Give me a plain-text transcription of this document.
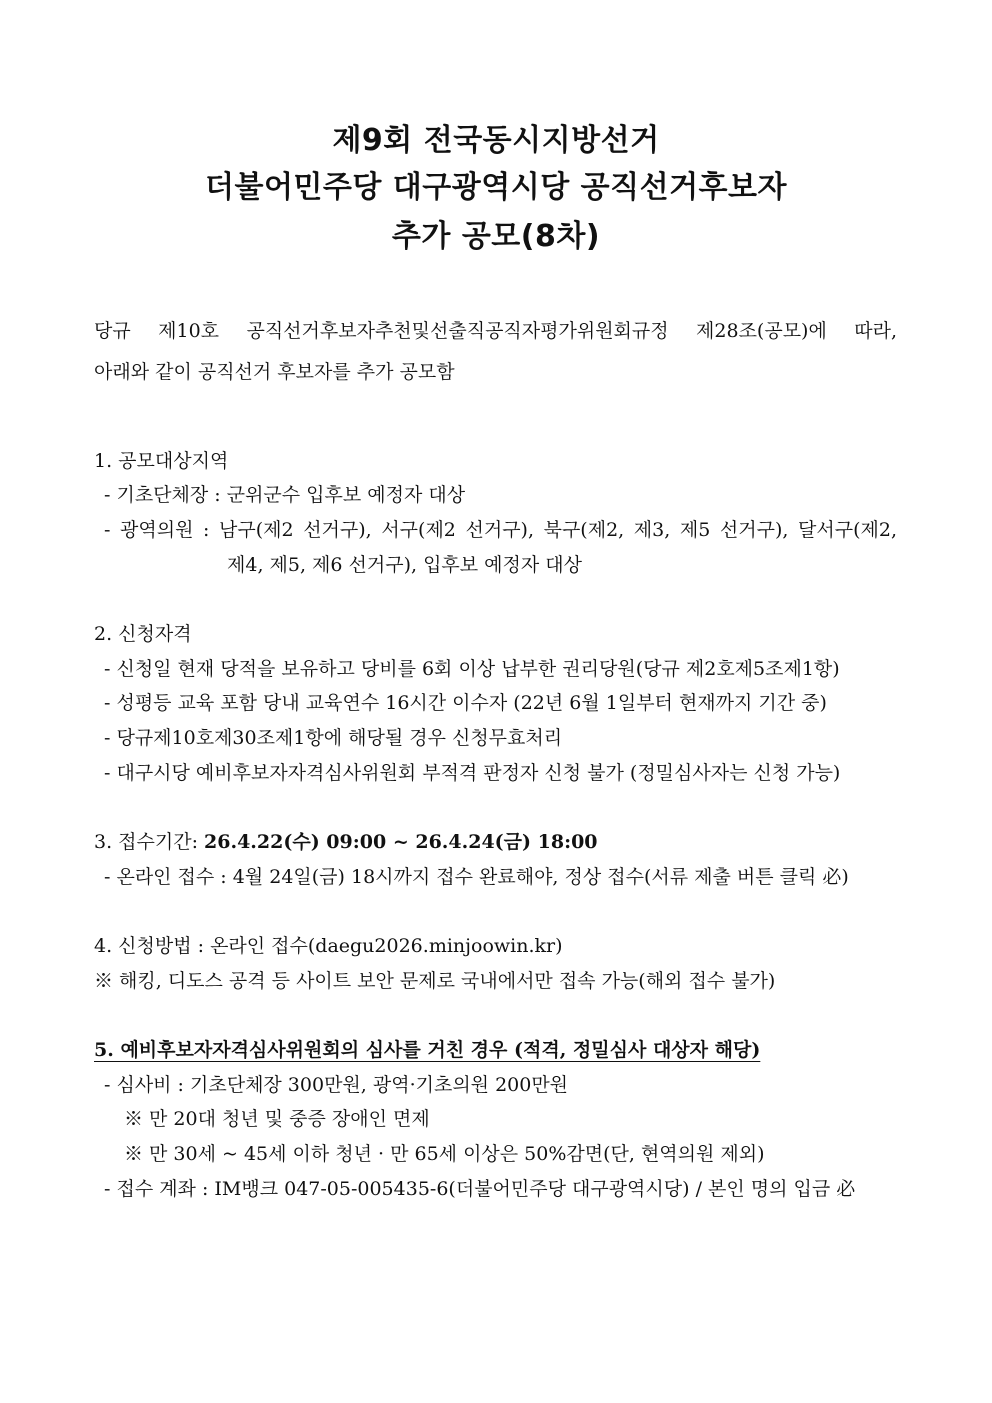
제9회 전국동시지방선거
더불어민주당 대구광역시당 공직선거후보자
추가 공모(8차)
당규 제10호 공직선거후보자추천및선출직공직자평가위원회규정 제28조(공모)에 따라,
아래와 같이 공직선거 후보자를 추가 공모함
1. 공모대상지역
- 기초단체장 : 군위군수 입후보 예정자 대상
- 광역의원 : 남구(제2 선거구), 서구(제2 선거구), 북구(제2, 제3, 제5 선거구), 달서구(제2,
제4, 제5, 제6 선거구), 입후보 예정자 대상
2. 신청자격
- 신청일 현재 당적을 보유하고 당비를 6회 이상 납부한 권리당원(당규 제2호제5조제1항)
- 성평등 교육 포함 당내 교육연수 16시간 이수자 (22년 6월 1일부터 현재까지 기간 중)
- 당규제10호제30조제1항에 해당될 경우 신청무효처리
- 대구시당 예비후보자자격심사위원회 부적격 판정자 신청 불가 (정밀심사자는 신청 가능)
3. 접수기간: 26.4.22(수) 09:00 ~ 26.4.24(금) 18:00
- 온라인 접수 : 4월 24일(금) 18시까지 접수 완료해야, 정상 접수(서류 제출 버튼 클릭 必)
4. 신청방법 : 온라인 접수(daegu2026.minjoowin.kr)
※ 해킹, 디도스 공격 등 사이트 보안 문제로 국내에서만 접속 가능(해외 접수 불가)
5. 예비후보자자격심사위원회의 심사를 거친 경우 (적격, 정밀심사 대상자 해당)
- 심사비 : 기초단체장 300만원, 광역·기초의원 200만원
※ 만 20대 청년 및 중증 장애인 면제
※ 만 30세 ~ 45세 이하 청년 · 만 65세 이상은 50%감면(단, 현역의원 제외)
- 접수 계좌 : IM뱅크 047-05-005435-6(더불어민주당 대구광역시당) / 본인 명의 입금 必
